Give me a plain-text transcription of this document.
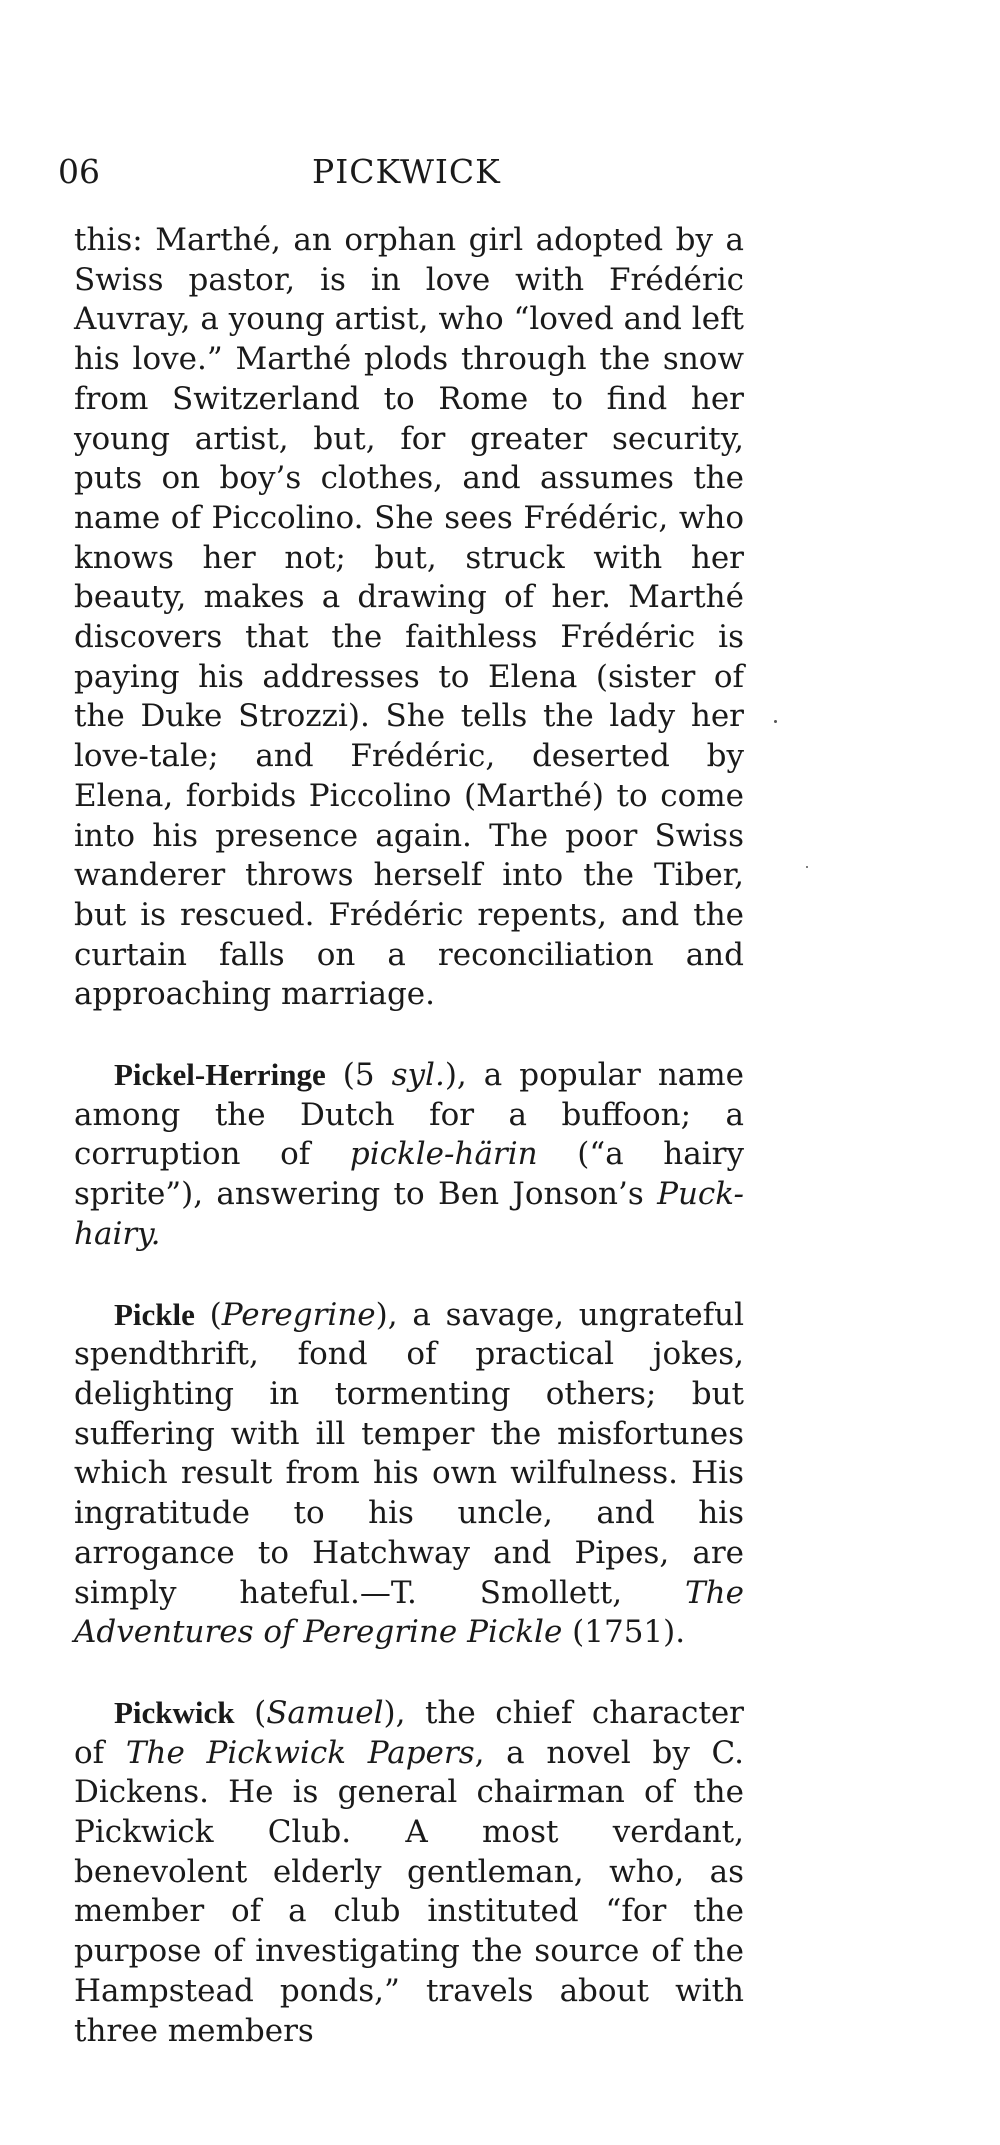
06	PICKWICK

this: Marthé, an orphan girl adopted by a Swiss pastor, is in love with Frédéric Auvray, a young artist, who “loved and left his love.” Marthé plods through the snow from Switzerland to Rome to find her young artist, but, for greater security, puts on boy’s clothes, and assumes the name of Piccolino. She sees Frédéric, who knows her not; but, struck with her beauty, makes a drawing of her. Marthé discovers that the faithless Frédéric is paying his addresses to Elena (sister of the Duke Strozzi). She tells the lady her love-tale; and Frédéric, deserted by Elena, forbids Piccolino (Marthé) to come into his presence again. The poor Swiss wanderer throws herself into the Tiber, but is rescued. Frédéric repents, and the curtain falls on a reconciliation and approaching marriage.

Pickel-Herringe (5 syl.), a popular name among the Dutch for a buffoon; a corruption of pickle-härin (“a hairy sprite”), answering to Ben Jonson’s Puck-hairy.

Pickle (Peregrine), a savage, ungrateful spendthrift, fond of practical jokes, delighting in tormenting others; but suffering with ill temper the misfortunes which result from his own wilfulness. His ingratitude to his uncle, and his arrogance to Hatchway and Pipes, are simply hateful.—T. Smollett, The Adventures of Peregrine Pickle (1751).

Pickwick (Samuel), the chief character of The Pickwick Papers, a novel by C. Dickens. He is general chairman of the Pickwick Club. A most verdant, benevolent elderly gentleman, who, as member of a club instituted “for the purpose of investigating the source of the Hampstead ponds,” travels about with three members
